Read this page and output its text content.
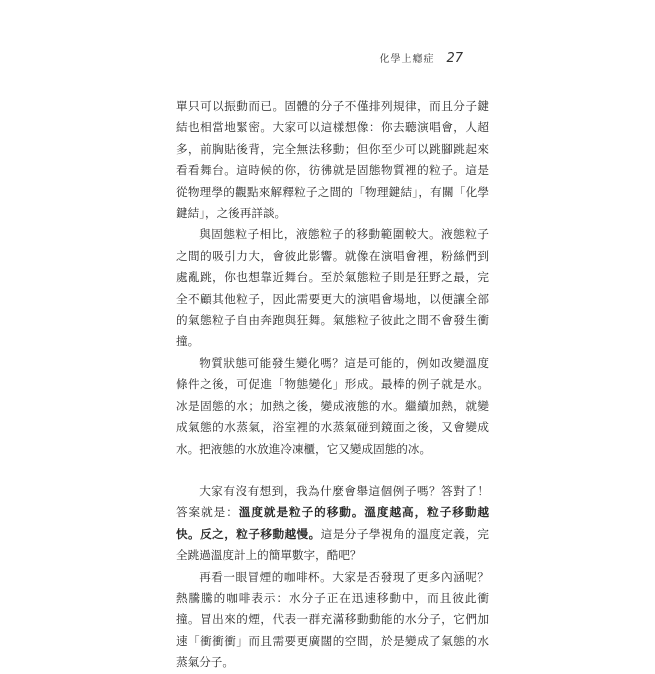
化學上癮症 27

單只可以振動而已。固體的分子不僅排列規律，而且分子鍵結也相當地緊密。大家可以這樣想像：你去聽演唱會，人超多，前胸貼後背，完全無法移動；但你至少可以跳腳跳起來看看舞台。這時候的你，彷彿就是固態物質裡的粒子。這是從物理學的觀點來解釋粒子之間的「物理鍵結」，有關「化學鍵結」，之後再詳談。

與固態粒子相比，液態粒子的移動範圍較大。液態粒子之間的吸引力大，會彼此影響。就像在演唱會裡，粉絲們到處亂跳，你也想靠近舞台。至於氣態粒子則是狂野之最，完全不顧其他粒子，因此需要更大的演唱會場地，以便讓全部的氣態粒子自由奔跑與狂舞。氣態粒子彼此之間不會發生衝撞。

物質狀態可能發生變化嗎？這是可能的，例如改變溫度條件之後，可促進「物態變化」形成。最棒的例子就是水。冰是固態的水；加熱之後，變成液態的水。繼續加熱，就變成氣態的水蒸氣，浴室裡的水蒸氣碰到鏡面之後，又會變成水。把液態的水放進冷凍櫃，它又變成固態的冰。

大家有沒有想到，我為什麼會舉這個例子嗎？答對了！答案就是：溫度就是粒子的移動。溫度越高，粒子移動越快。反之，粒子移動越慢。這是分子學視角的溫度定義，完全跳過溫度計上的簡單數字，酷吧？

再看一眼冒煙的咖啡杯。大家是否發現了更多內涵呢？熱騰騰的咖啡表示：水分子正在迅速移動中，而且彼此衝撞。冒出來的煙，代表一群充滿移動動能的水分子，它們加速「衝衝衝」而且需要更廣闊的空間，於是變成了氣態的水蒸氣分子。
